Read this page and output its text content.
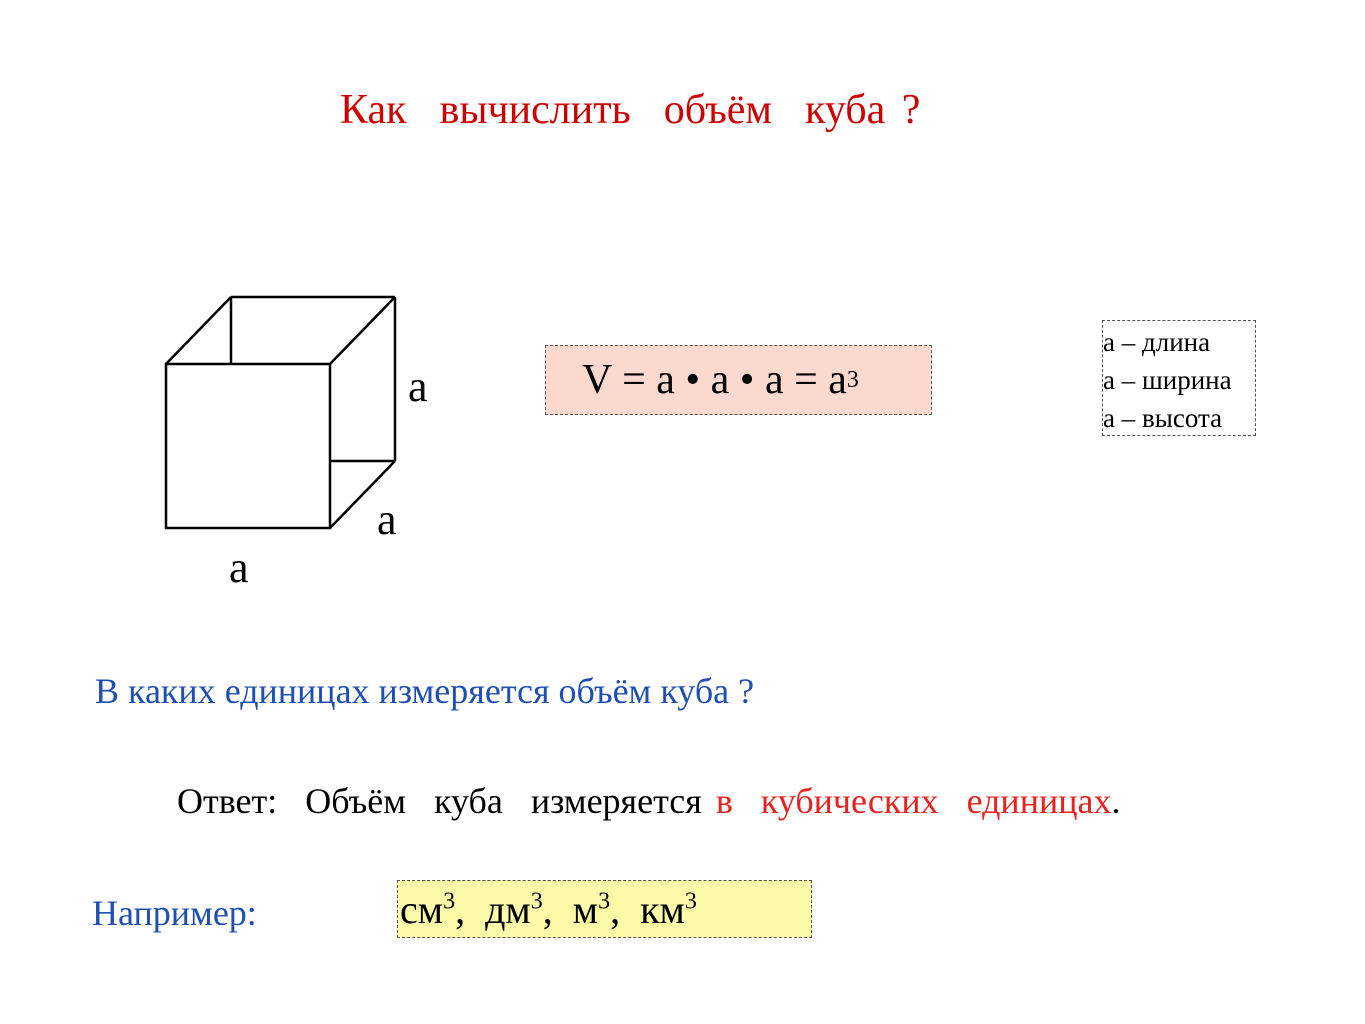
Как  вычислить  объём  куба ?
a
a
a
V = a • a • a = a 3
a – длина
a – ширина
a – высота
В каких единицах измеряется объём куба ?
Ответ:  Объём  куба  измеряется в  кубических  единицах.
Например:	$см^3$,  $дм^3$,  $м^3$,  $км^3$
